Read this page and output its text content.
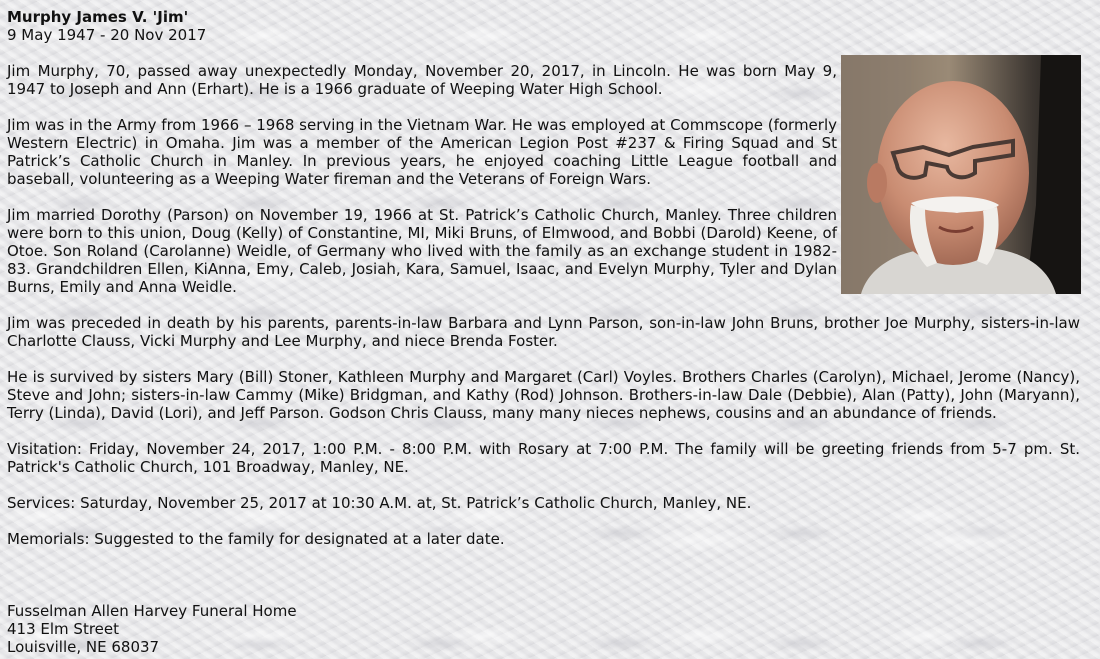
Murphy James V. 'Jim'
9 May 1947 - 20 Nov 2017

Jim Murphy, 70, passed away unexpectedly Monday, November 20, 2017, in Lincoln. He was born May 9, 1947 to Joseph and Ann (Erhart). He is a 1966 graduate of Weeping Water High School.

Jim was in the Army from 1966 – 1968 serving in the Vietnam War. He was employed at Commscope (formerly Western Electric) in Omaha. Jim was a member of the American Legion Post #237 & Firing Squad and St Patrick’s Catholic Church in Manley. In previous years, he enjoyed coaching Little League football and baseball, volunteering as a Weeping Water fireman and the Veterans of Foreign Wars.

Jim married Dorothy (Parson) on November 19, 1966 at St. Patrick’s Catholic Church, Manley. Three children were born to this union, Doug (Kelly) of Constantine, MI, Miki Bruns, of Elmwood, and Bobbi (Darold) Keene, of Otoe. Son Roland (Carolanne) Weidle, of Germany who lived with the family as an exchange student in 1982-83. Grandchildren Ellen, KiAnna, Emy, Caleb, Josiah, Kara, Samuel, Isaac, and Evelyn Murphy, Tyler and Dylan Burns, Emily and Anna Weidle.

Jim was preceded in death by his parents, parents-in-law Barbara and Lynn Parson, son-in-law John Bruns, brother Joe Murphy, sisters-in-law Charlotte Clauss, Vicki Murphy and Lee Murphy, and niece Brenda Foster.

He is survived by sisters Mary (Bill) Stoner, Kathleen Murphy and Margaret (Carl) Voyles. Brothers Charles (Carolyn), Michael, Jerome (Nancy), Steve and John; sisters-in-law Cammy (Mike) Bridgman, and Kathy (Rod) Johnson. Brothers-in-law Dale (Debbie), Alan (Patty), John (Maryann), Terry (Linda), David (Lori), and Jeff Parson. Godson Chris Clauss, many many nieces nephews, cousins and an abundance of friends.

Visitation: Friday, November 24, 2017, 1:00 P.M. - 8:00 P.M. with Rosary at 7:00 P.M. The family will be greeting friends from 5-7 pm. St. Patrick's Catholic Church, 101 Broadway, Manley, NE.

Services: Saturday, November 25, 2017 at 10:30 A.M. at, St. Patrick’s Catholic Church, Manley, NE.

Memorials: Suggested to the family for designated at a later date.

Fusselman Allen Harvey Funeral Home
413 Elm Street
Louisville, NE 68037
